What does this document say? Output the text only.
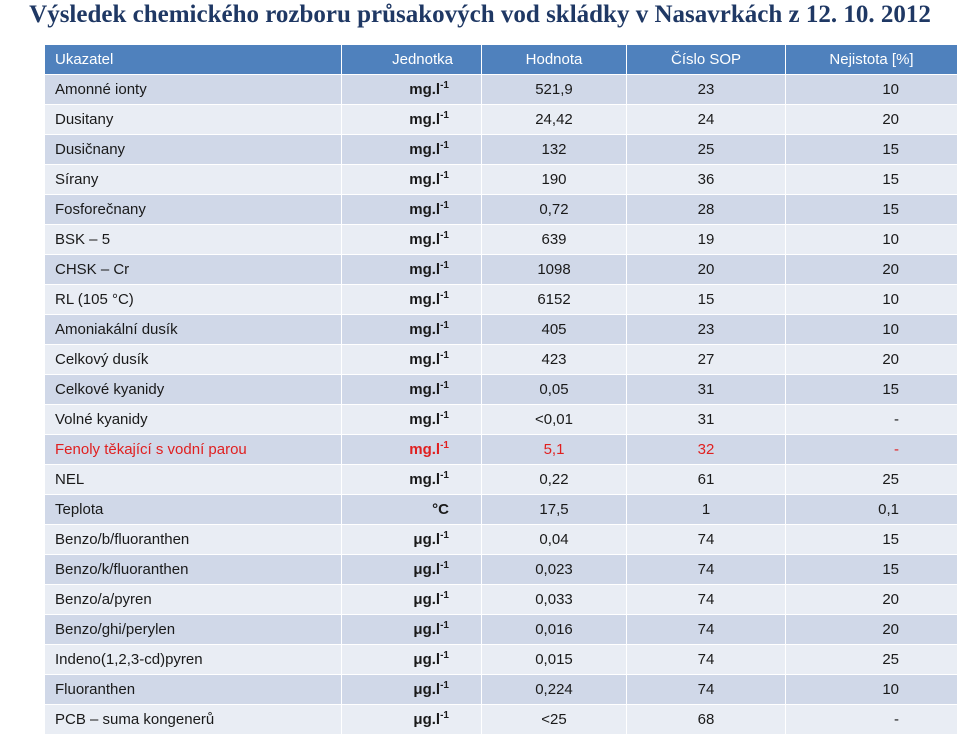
Výsledek chemického rozboru průsakových vod skládky v Nasavrkách z 12. 10. 2012
Ukazatel	Jednotka	Hodnota	Číslo SOP	Nejistota [%]
Amonné ionty	$mg.l^{-1}$	521,9	23	10
Dusitany	$mg.l^{-1}$	24,42	24	20
Dusičnany	$mg.l^{-1}$	132	25	15
Sírany	$mg.l^{-1}$	190	36	15
Fosforečnany	$mg.l^{-1}$	0,72	28	15
BSK – 5	$mg.l^{-1}$	639	19	10
CHSK – Cr	$mg.l^{-1}$	1098	20	20
RL (105 °C)	$mg.l^{-1}$	6152	15	10
Amoniakální dusík	$mg.l^{-1}$	405	23	10
Celkový dusík	$mg.l^{-1}$	423	27	20
Celkové kyanidy	$mg.l^{-1}$	0,05	31	15
Volné kyanidy	$mg.l^{-1}$	<0,01	31	-
Fenoly těkající s vodní parou	$mg.l^{-1}$	5,1	32	-
NEL	$mg.l^{-1}$	0,22	61	25
Teplota	°C	17,5	1	0,1
Benzo/b/fluoranthen	$\mu g.l^{-1}$	0,04	74	15
Benzo/k/fluoranthen	$\mu g.l^{-1}$	0,023	74	15
Benzo/a/pyren	$\mu g.l^{-1}$	0,033	74	20
Benzo/ghi/perylen	$\mu g.l^{-1}$	0,016	74	20
Indeno(1,2,3-cd)pyren	$\mu g.l^{-1}$	0,015	74	25
Fluoranthen	$\mu g.l^{-1}$	0,224	74	10
PCB – suma kongenerů	$\mu g.l^{-1}$	<25	68	-
